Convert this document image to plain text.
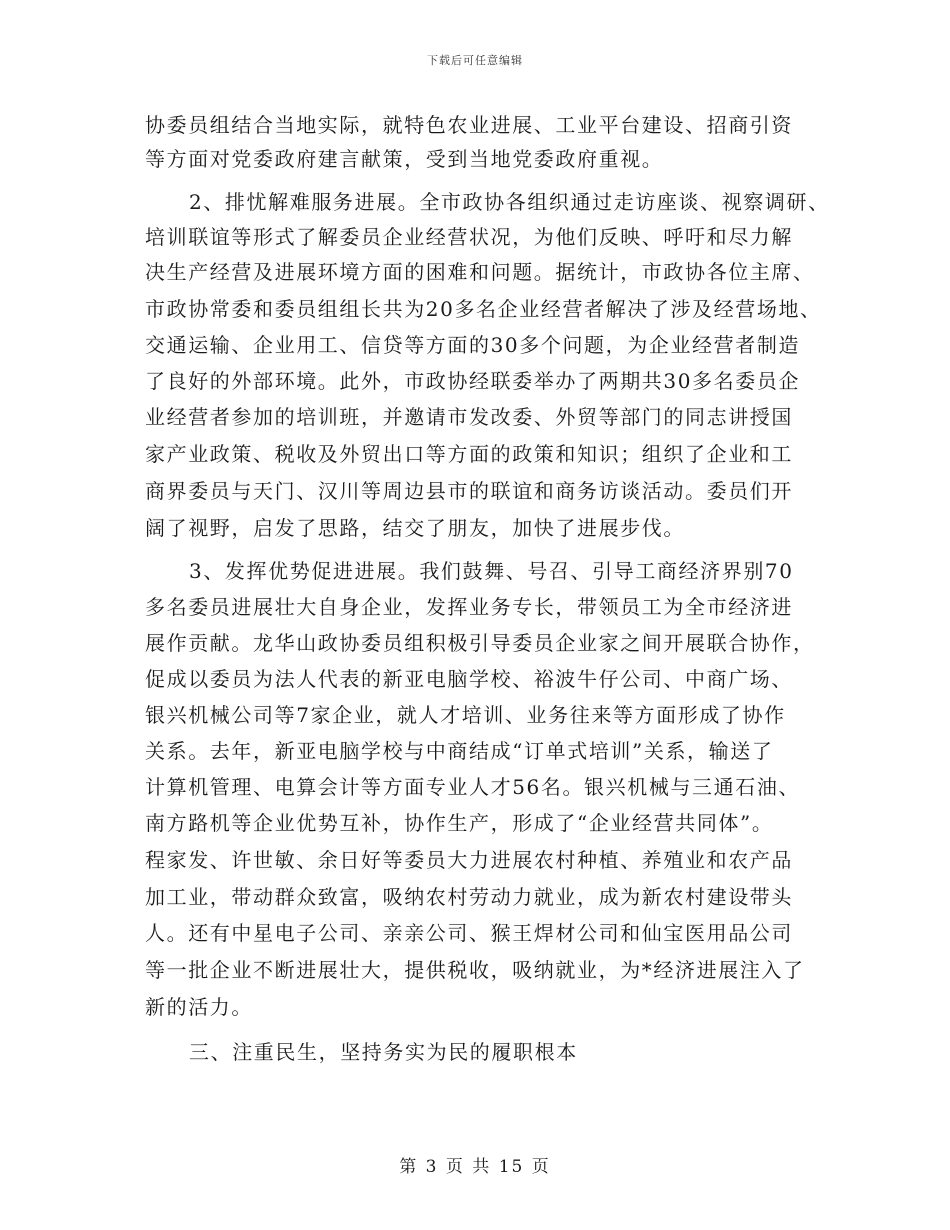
下载后可任意编辑
协委员组结合当地实际，就特色农业进展、工业平台建设、招商引资
等方面对党委政府建言献策，受到当地党委政府重视。
2、排忧解难服务进展。全市政协各组织通过走访座谈、视察调研、
培训联谊等形式了解委员企业经营状况，为他们反映、呼吁和尽力解
决生产经营及进展环境方面的困难和问题。据统计，市政协各位主席、
市政协常委和委员组组长共为20多名企业经营者解决了涉及经营场地、
交通运输、企业用工、信贷等方面的30多个问题，为企业经营者制造
了良好的外部环境。此外，市政协经联委举办了两期共30多名委员企
业经营者参加的培训班，并邀请市发改委、外贸等部门的同志讲授国
家产业政策、税收及外贸出口等方面的政策和知识；组织了企业和工
商界委员与天门、汉川等周边县市的联谊和商务访谈活动。委员们开
阔了视野，启发了思路，结交了朋友，加快了进展步伐。
3、发挥优势促进进展。我们鼓舞、号召、引导工商经济界别70
多名委员进展壮大自身企业，发挥业务专长，带领员工为全市经济进
展作贡献。龙华山政协委员组积极引导委员企业家之间开展联合协作，
促成以委员为法人代表的新亚电脑学校、裕波牛仔公司、中商广场、
银兴机械公司等7家企业，就人才培训、业务往来等方面形成了协作
关系。去年，新亚电脑学校与中商结成“订单式培训”关系，输送了
计算机管理、电算会计等方面专业人才56名。银兴机械与三通石油、
南方路机等企业优势互补，协作生产，形成了“企业经营共同体”。
程家发、许世敏、余日好等委员大力进展农村种植、养殖业和农产品
加工业，带动群众致富，吸纳农村劳动力就业，成为新农村建设带头
人。还有中星电子公司、亲亲公司、猴王焊材公司和仙宝医用品公司
等一批企业不断进展壮大，提供税收，吸纳就业，为*经济进展注入了
新的活力。
三、注重民生，坚持务实为民的履职根本
第 3 页 共 15 页
